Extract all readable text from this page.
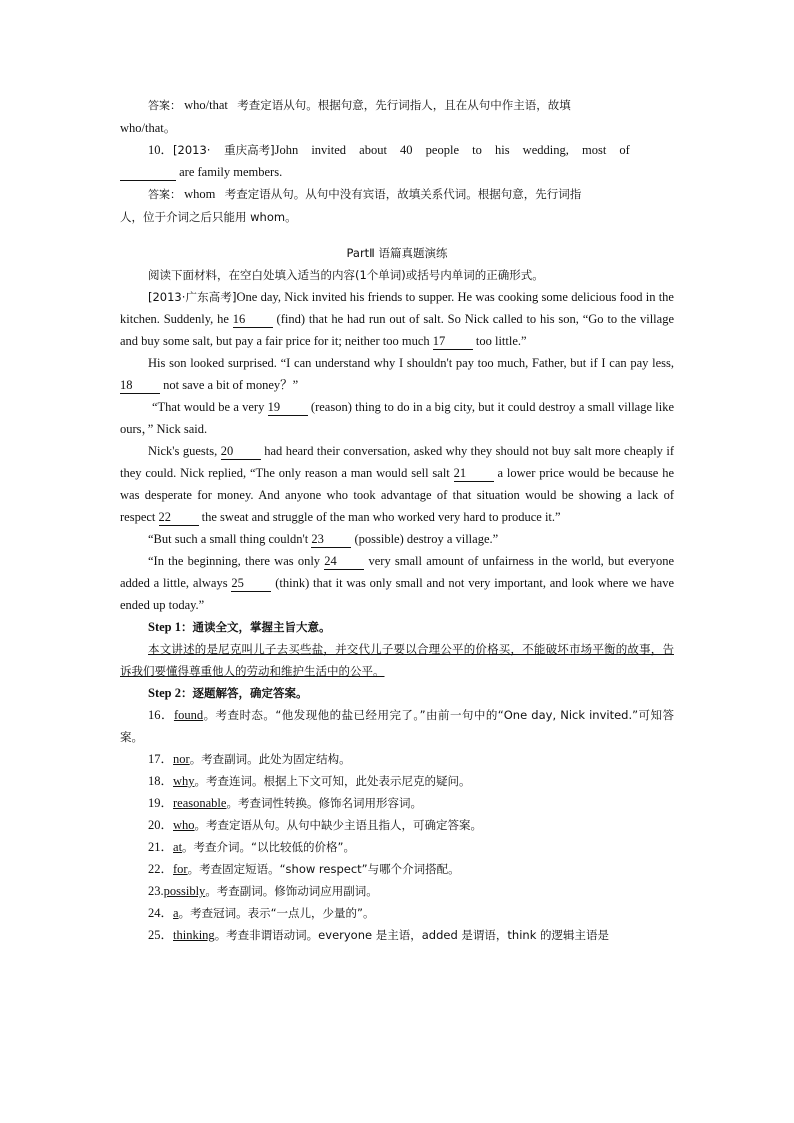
答案： who/that 考查定语从句。根据句意，先行词指人，且在从句中作主语，故填

who/that。

10．[2013· 重庆高考]John invited about 40 people to his wedding, most of

are family members.

答案： whom 考查定语从句。从句中没有宾语，故填关系代词。根据句意，先行词指

人，位于介词之后只能用 whom。

PartⅡ 语篇真题演练

阅读下面材料，在空白处填入适当的内容(1个单词)或括号内单词的正确形式。

[2013·广东高考]One day, Nick invited his friends to supper. He was cooking some delicious food in the kitchen. Suddenly, he 16	(find) that he had run out of salt. So Nick called to his son, “Go to the village and buy some salt, but pay a fair price for it; neither too much 17 too little.”

His son looked surprised. “I can understand why I shouldn't pay too much, Father, but if I can pay less, 18 not save a bit of money？”

“That would be a very 19 (reason) thing to do in a big city, but it could destroy a small village like ours，” Nick said.

Nick's guests, 20 had heard their conversation, asked why they should not buy salt more cheaply if they could. Nick replied, “The only reason a man would sell salt 21	a lower price would be because he was desperate for money. And anyone who took advantage of that situation would be showing a lack of respect 22 the sweat and struggle of the man who worked very hard to produce it.”

“But such a small thing couldn't 23 (possible) destroy a village.”

“In the beginning, there was only 24	very small amount of unfairness in the world, but everyone added a little, always 25	(think) that it was only small and not very important, and look where we have ended up today.”

Step 1：通读全文，掌握主旨大意。

本文讲述的是尼克叫儿子去买些盐，并交代儿子要以合理公平的价格买，不能破坏市场平衡的故事，告诉我们要懂得尊重他人的劳动和维护生活中的公平。

Step 2：逐题解答，确定答案。

16．found。考查时态。“他发现他的盐已经用完了。”由前一句中的“One day, Nick invited.”可知答案。

17．nor。考查副词。此处为固定结构。

18．why。考查连词。根据上下文可知，此处表示尼克的疑问。

19．reasonable。考查词性转换。修饰名词用形容词。

20．who。考查定语从句。从句中缺少主语且指人，可确定答案。

21．at。考查介词。“以比较低的价格”。

22．for。考查固定短语。“show respect”与哪个介词搭配。

23.possibly。考查副词。修饰动词应用副词。

24．a。考查冠词。表示“一点儿，少量的”。

25．thinking。考查非谓语动词。everyone 是主语，added 是谓语，think 的逻辑主语是
